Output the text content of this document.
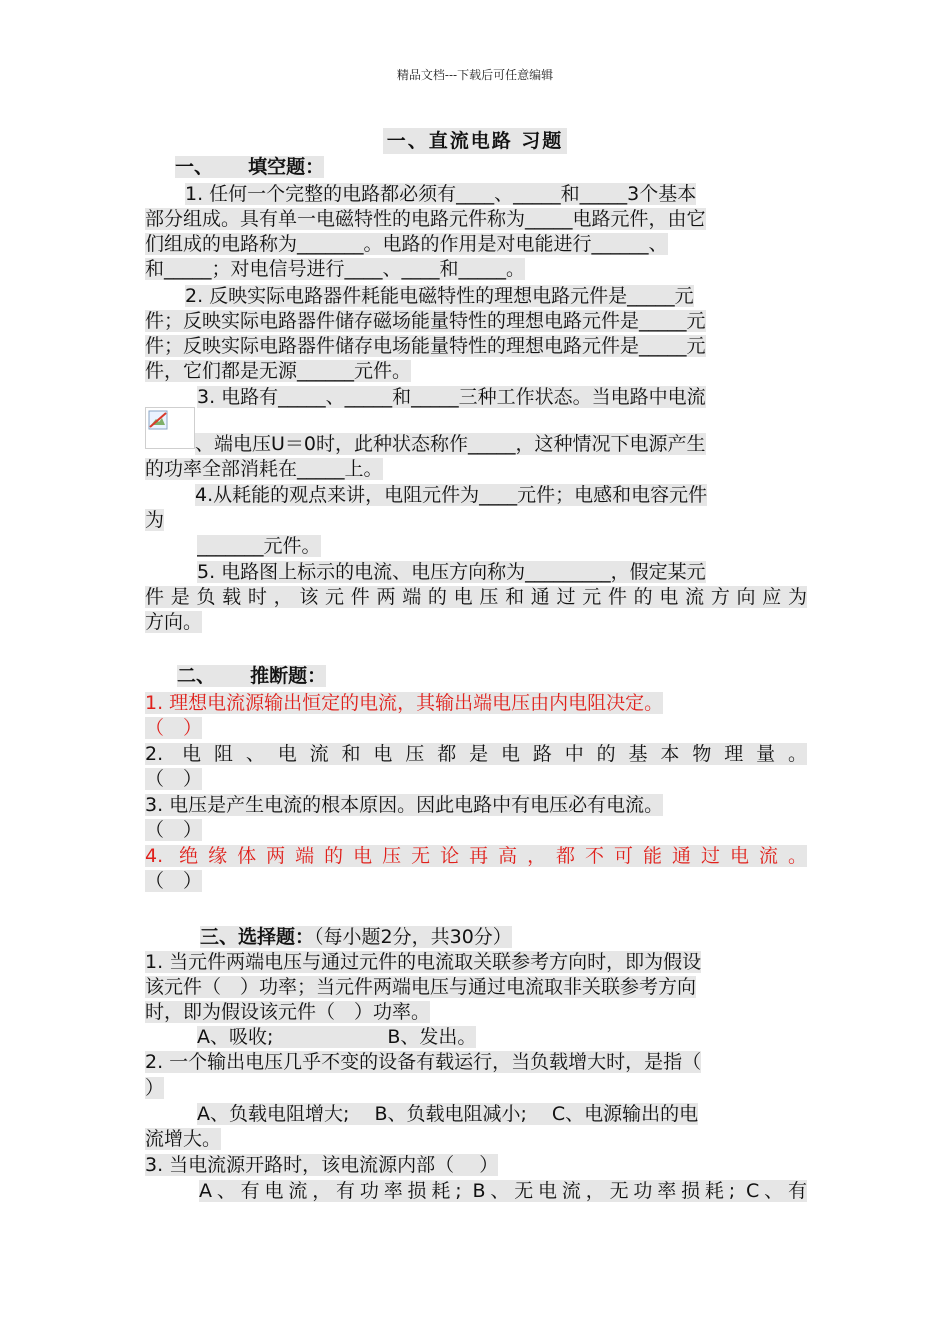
精品文档---下载后可任意编辑
一、直流电路 习题
一、　　 填空题：
1. 任何一个完整的电路都必须有____、_____和_____3个基本
部分组成。具有单一电磁特性的电路元件称为_____电路元件，由它
们组成的电路称为_______。电路的作用是对电能进行______、
和_____；对电信号进行____、____和_____。
2. 反映实际电路器件耗能电磁特性的理想电路元件是_____元
件；反映实际电路器件储存磁场能量特性的理想电路元件是_____元
件；反映实际电路器件储存电场能量特性的理想电路元件是_____元
件，它们都是无源______元件。
3. 电路有_____、_____和_____三种工作状态。当电路中电流
、端电压U＝0时，此种状态称作_____，这种情况下电源产生
的功率全部消耗在_____上。
4.从耗能的观点来讲，电阻元件为____元件；电感和电容元件
为
_______元件。
5. 电路图上标示的电流、电压方向称为_________，假定某元
件是负载时，该元件两端的电压和通过元件的电流方向应为
方向。
二、　　 推断题：
1. 理想电流源输出恒定的电流，其输出端电压由内电阻决定。
（　）
2. 电阻、电流和电压都是电路中的基本物理量。
（　）
3. 电压是产生电流的根本原因。因此电路中有电压必有电流。
（　）
4. 绝缘体两端的电压无论再高，都不可能通过电流。
（　）
三、选择题：（每小题2分，共30分）
1. 当元件两端电压与通过元件的电流取关联参考方向时，即为假设
该元件（　）功率；当元件两端电压与通过电流取非关联参考方向
时，即为假设该元件（　）功率。
A、吸收;　　　　　　B、发出。
2. 一个输出电压几乎不变的设备有载运行，当负载增大时，是指（
）
A、负载电阻增大;　 B、负载电阻减小;　 C、电源输出的电
流增大。
3. 当电流源开路时，该电流源内部（　 ）
A、有电流，有功率损耗; B、无电流，无功率损耗; C、有
